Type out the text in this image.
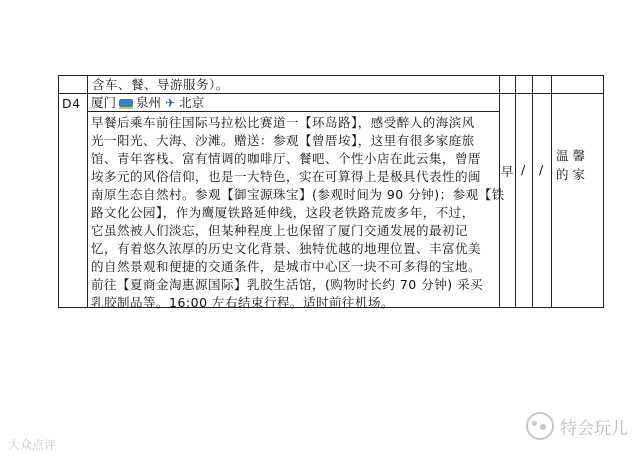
含车、餐、导游服务）。
D4 厦门 泉州 ✈ 北京
早餐后乘车前往国际马拉松比赛道一【环岛路】，感受醉人的海滨风
光一阳光、大海、沙滩。赠送：参观【曾厝垵】，这里有很多家庭旅
馆、青年客栈、富有情调的咖啡厅、餐吧、个性小店在此云集，曾厝
垵多元的风俗信仰，也是一大特色，实在可算得上是极具代表性的闽
南原生态自然村。参观【御宝源珠宝】(参观时间为 90 分钟)；参观【铁
路文化公园】，作为鹰厦铁路延伸线，这段老铁路荒废多年，不过，
它虽然被人们淡忘，但某种程度上也保留了厦门交通发展的最初记
忆，有着悠久浓厚的历史文化背景、独特优越的地理位置、丰富优美
的自然景观和便捷的交通条件，是城市中心区一块不可多得的宝地。
前往【夏商金淘惠源国际】乳胶生活馆，(购物时长约 70 分钟) 采买
乳胶制品等。16:00 左右结束行程。适时前往机场。
早 / /
温馨的家
特会玩儿
大众点评
